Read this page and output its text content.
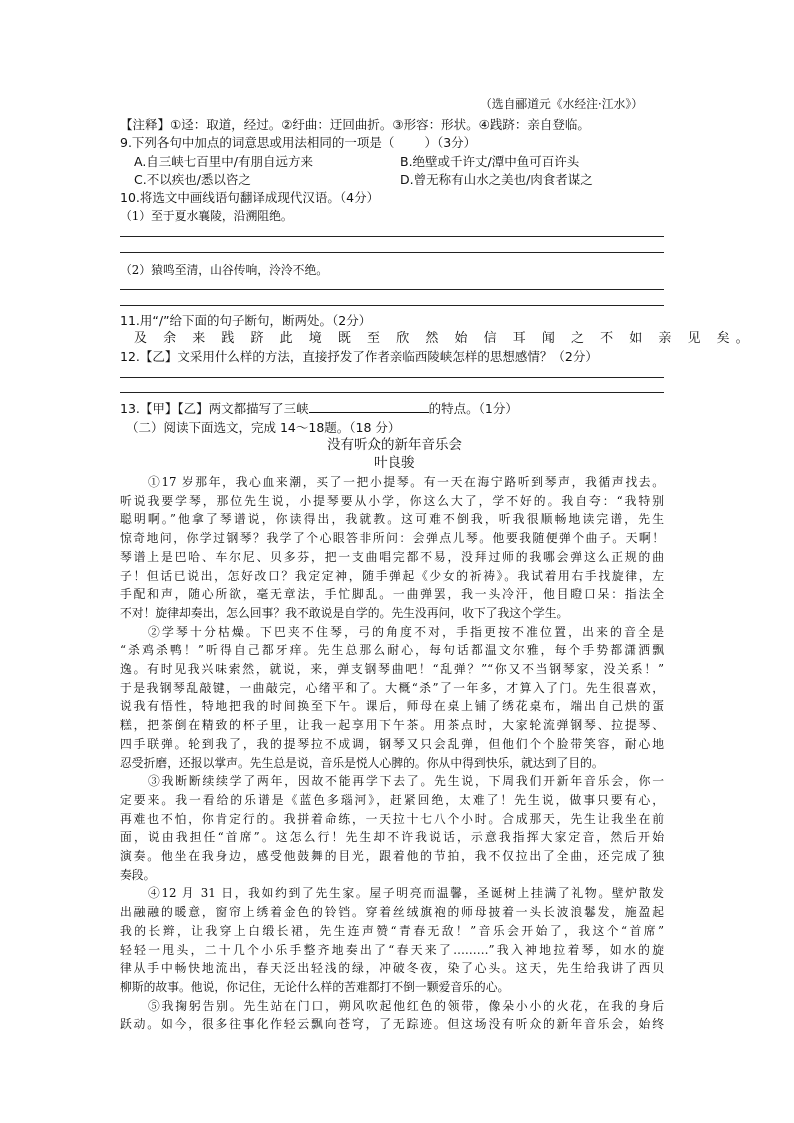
（选自郦道元《水经注·江水》）
【注释】①迳：取道，经过。②纡曲：迂回曲折。③形容：形状。④践跻：亲自登临。
9.下列各句中加点的词意思或用法相同的一项是（ ）（3分）
A.自三峡七百里中/有朋自远方来	B.绝壁或千许丈/潭中鱼可百许头
C.不以疾也/悉以咨之	D.曾无称有山水之美也/肉食者谋之
10.将选文中画线语句翻译成现代汉语。（4分）
（1）至于夏水襄陵，沿溯阻绝。
（2）猿鸣至清，山谷传响，泠泠不绝。
11.用“/”给下面的句子断句，断两处。（2分）
及 余 来 践 跻 此 境 既 至 欣 然 始 信 耳 闻 之 不 如 亲 见 矣。
12.【乙】文采用什么样的方法，直接抒发了作者亲临西陵峡怎样的思想感情？（2分）
13.【甲】【乙】两文都描写了三峡	的特点。（1分）
（二）阅读下面选文，完成 14～18题。（18 分）
没有听众的新年音乐会
叶良骏
①17 岁那年，我心血来潮，买了一把小提琴。有一天在海宁路听到琴声，我循声找去。
听说我要学琴，那位先生说，小提琴要从小学，你这么大了，学不好的。我自夸：“我特别
聪明啊。”他拿了琴谱说，你读得出，我就教。这可难不倒我，听我很顺畅地读完谱，先生
惊奇地问，你学过钢琴？我学了个心眼答非所问：会弹点儿琴。他要我随便弹个曲子。天啊！
琴谱上是巴哈、车尔尼、贝多芬，把一支曲唱完都不易，没拜过师的我哪会弹这么正规的曲
子！但话已说出，怎好改口？我定定神，随手弹起《少女的祈祷》。我试着用右手找旋律，左
手配和声，随心所欲，毫无章法，手忙脚乱。一曲弹罢，我一头冷汗，他目瞪口呆：指法全
不对！旋律却奏出，怎么回事？我不敢说是自学的。先生没再问，收下了我这个学生。
②学琴十分枯燥。下巴夹不住琴，弓的角度不对，手指更按不准位置，出来的音全是
“杀鸡杀鸭！”听得自己都牙痒。先生总那么耐心，每句话都温文尔雅，每个手势都潇洒飘
逸。有时见我兴味索然，就说，来，弹支钢琴曲吧！“乱弹？”“你又不当钢琴家，没关系！”
于是我钢琴乱敲键，一曲敲完，心绪平和了。大概“杀”了一年多，才算入了门。先生很喜欢，
说我有悟性，特地把我的时间换至下午。课后，师母在桌上铺了绣花桌布，端出自己烘的蛋
糕，把茶倒在精致的杯子里，让我一起享用下午茶。用茶点时，大家轮流弹钢琴、拉提琴、
四手联弹。轮到我了，我的提琴拉不成调，钢琴又只会乱弹，但他们个个脸带笑容，耐心地
忍受折磨，还报以掌声。先生总是说，音乐是悦人心脾的。你从中得到快乐，就达到了目的。
③我断断续续学了两年，因故不能再学下去了。先生说，下周我们开新年音乐会，你一
定要来。我一看给的乐谱是《蓝色多瑙河》，赶紧回绝，太难了！先生说，做事只要有心，
再难也不怕，你肯定行的。我拼着命练，一天拉十七八个小时。合成那天，先生让我坐在前
面，说由我担任“首席”。这怎么行！先生却不许我说话，示意我指挥大家定音，然后开始
演奏。他坐在我身边，感受他鼓舞的目光，跟着他的节拍，我不仅拉出了全曲，还完成了独
奏段。
④12 月 31 日，我如约到了先生家。屋子明亮而温馨，圣诞树上挂满了礼物。壁炉散发
出融融的暖意，窗帘上绣着金色的铃铛。穿着丝绒旗袍的师母披着一头长波浪鬈发，施盈起
我的长辫，让我穿上白缎长裙，先生连声赞“青春无敌！”音乐会开始了，我这个“首席”
轻轻一甩头，二十几个小乐手整齐地奏出了“春天来了………”我入神地拉着琴，如水的旋
律从手中畅快地流出，春天泛出轻浅的绿，冲破冬夜，染了心头。这天，先生给我讲了西贝
柳斯的故事。他说，你记住，无论什么样的苦难都打不倒一颗爱音乐的心。
⑤我掬躬告别。先生站在门口，朔风吹起他红色的领带，像朵小小的火花，在我的身后
跃动。如今，很多往事化作轻云飘向苍穹，了无踪迹。但这场没有听众的新年音乐会，始终
